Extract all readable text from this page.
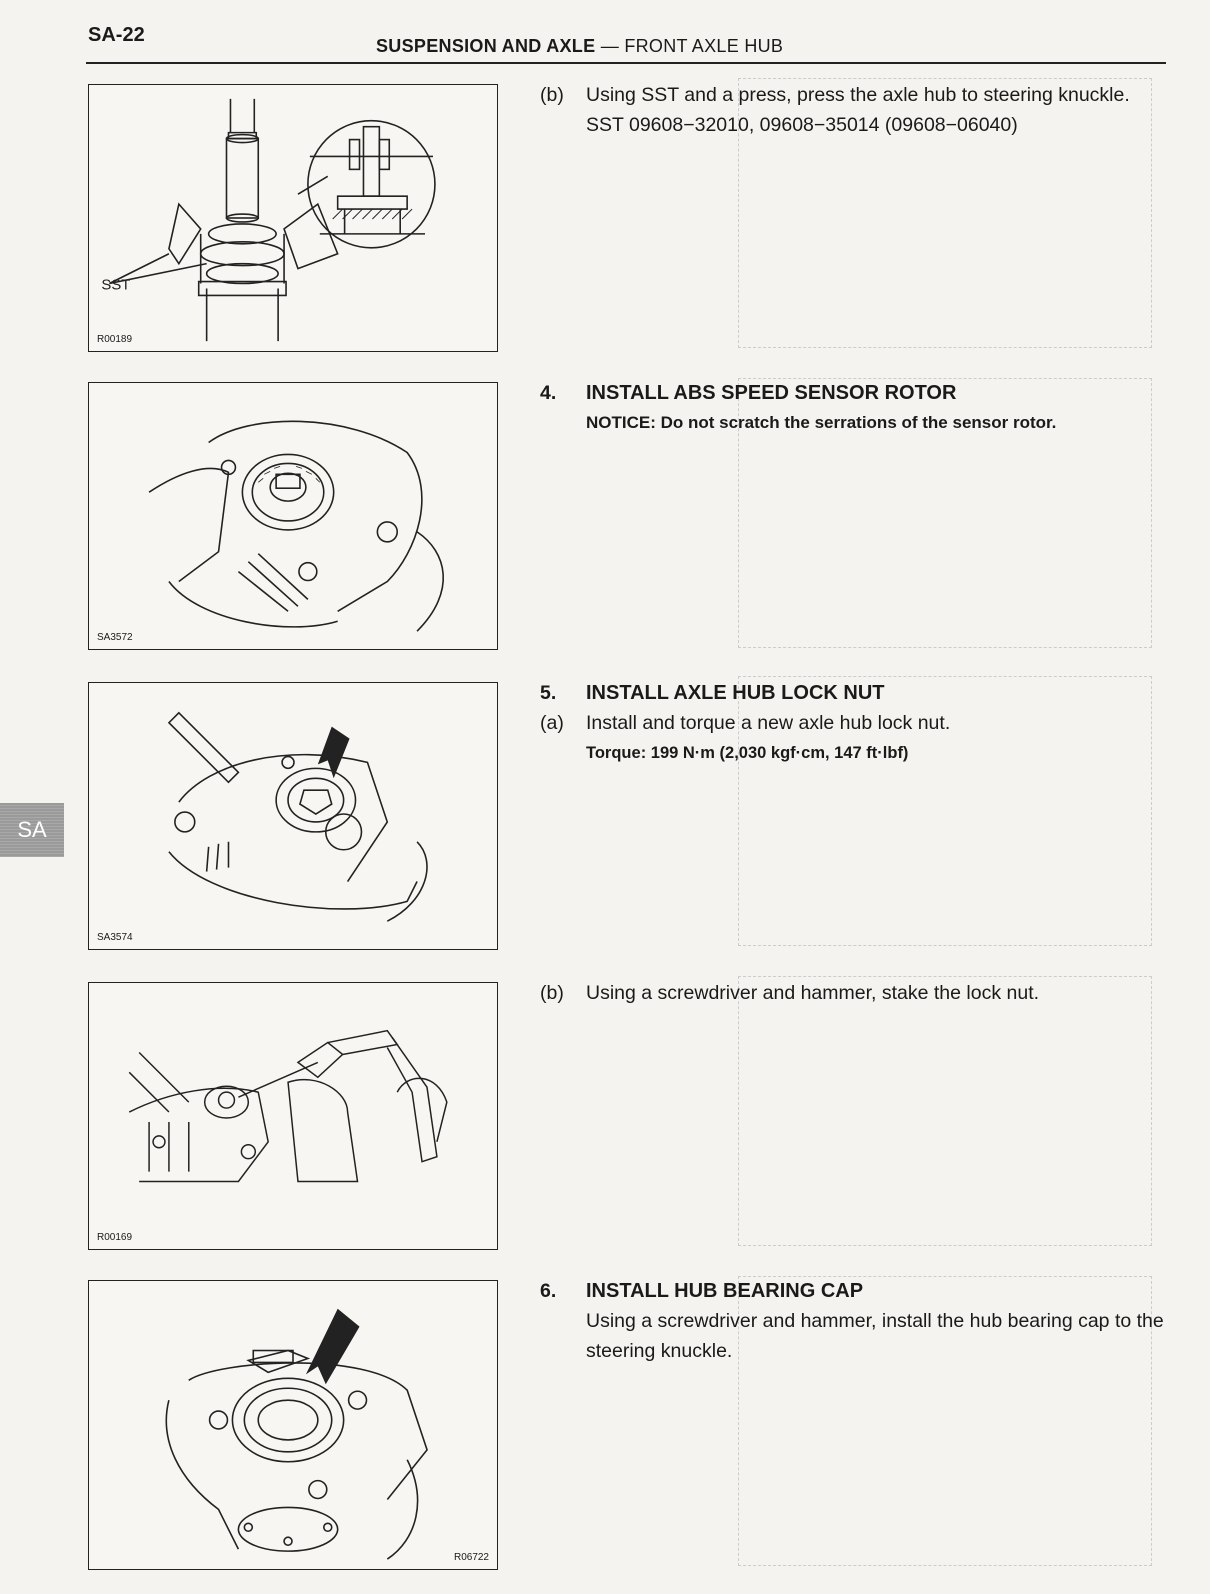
SA-22	SUSPENSION AND AXLE — FRONT AXLE HUB
SA
SST
R00189
(b) Using SST and a press, press the axle hub to steering knuckle.
SST 09608−32010, 09608−35014 (09608−06040)
SA3572
4. INSTALL ABS SPEED SENSOR ROTOR
NOTICE: Do not scratch the serrations of the sensor rotor.
SA3574
5. INSTALL AXLE HUB LOCK NUT
(a) Install and torque a new axle hub lock nut.
Torque: 199 N·m (2,030 kgf·cm, 147 ft·lbf)
R00169
(b) Using a screwdriver and hammer, stake the lock nut.
R06722
6. INSTALL HUB BEARING CAP
Using a screwdriver and hammer, install the hub bearing cap to the steering knuckle.
